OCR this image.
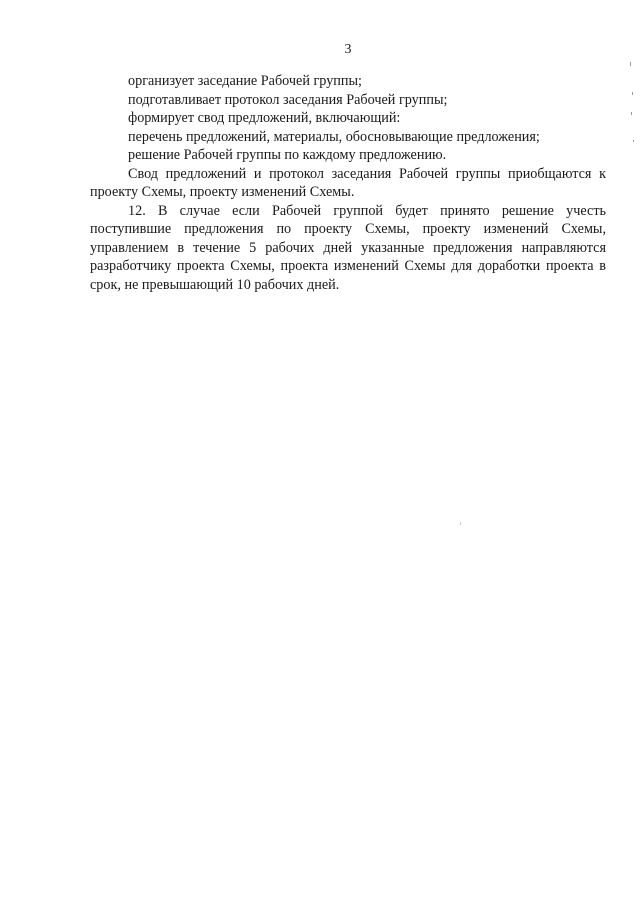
3

организует заседание Рабочей группы;

подготавливает протокол заседания Рабочей группы;

формирует свод предложений, включающий:

перечень предложений, материалы, обосновывающие предложения;

решение Рабочей группы по каждому предложению.

Свод предложений и протокол заседания Рабочей группы приобщаются к проекту Схемы, проекту изменений Схемы.

12. В случае если Рабочей группой будет принято решение учесть поступившие предложения по проекту Схемы, проекту изменений Схемы, управлением в течение 5 рабочих дней указанные предложения направляются разработчику проекта Схемы, проекта изменений Схемы для доработки проекта в срок, не превышающий 10 рабочих дней.
